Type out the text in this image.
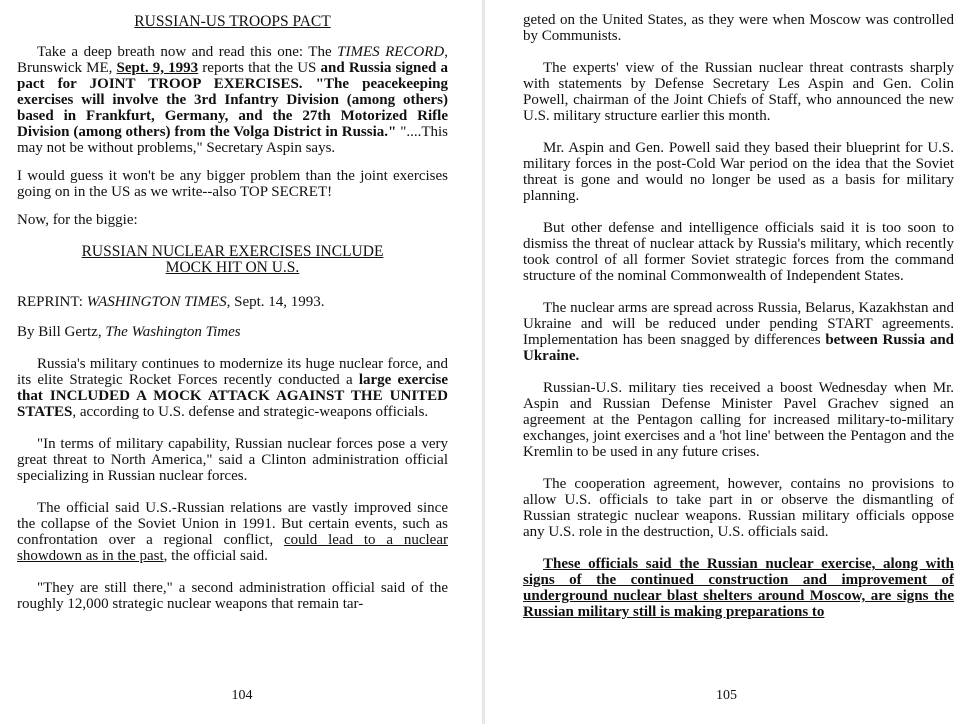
RUSSIAN-US TROOPS PACT

Take a deep breath now and read this one: The TIMES RECORD, Brunswick ME, Sept. 9, 1993 reports that the US and Russia signed a pact for JOINT TROOP EXERCISES. "The peacekeeping exercises will involve the 3rd Infantry Division (among others) based in Frankfurt, Germany, and the 27th Motorized Rifle Division (among others) from the Volga District in Russia." "....This may not be without problems," Secretary Aspin says.

I would guess it won't be any bigger problem than the joint exercises going on in the US as we write--also TOP SECRET!

Now, for the biggie:

RUSSIAN NUCLEAR EXERCISES INCLUDE
MOCK HIT ON U.S.

REPRINT: WASHINGTON TIMES, Sept. 14, 1993.

By Bill Gertz, The Washington Times

Russia's military continues to modernize its huge nuclear force, and its elite Strategic Rocket Forces recently conducted a large exercise that INCLUDED A MOCK ATTACK AGAINST THE UNITED STATES, according to U.S. defense and strategic-weapons officials.

"In terms of military capability, Russian nuclear forces pose a very great threat to North America," said a Clinton administration official specializing in Russian nuclear forces.

The official said U.S.-Russian relations are vastly improved since the collapse of the Soviet Union in 1991. But certain events, such as confrontation over a regional conflict, could lead to a nuclear showdown as in the past, the official said.

"They are still there," a second administration official said of the roughly 12,000 strategic nuclear weapons that remain tar-

104

geted on the United States, as they were when Moscow was controlled by Communists.

The experts' view of the Russian nuclear threat contrasts sharply with statements by Defense Secretary Les Aspin and Gen. Colin Powell, chairman of the Joint Chiefs of Staff, who announced the new U.S. military structure earlier this month.

Mr. Aspin and Gen. Powell said they based their blueprint for U.S. military forces in the post-Cold War period on the idea that the Soviet threat is gone and would no longer be used as a basis for military planning.

But other defense and intelligence officials said it is too soon to dismiss the threat of nuclear attack by Russia's military, which recently took control of all former Soviet strategic forces from the command structure of the nominal Commonwealth of Independent States.

The nuclear arms are spread across Russia, Belarus, Kazakhstan and Ukraine and will be reduced under pending START agreements. Implementation has been snagged by differences between Russia and Ukraine.

Russian-U.S. military ties received a boost Wednesday when Mr. Aspin and Russian Defense Minister Pavel Grachev signed an agreement at the Pentagon calling for increased military-to-military exchanges, joint exercises and a 'hot line' between the Pentagon and the Kremlin to be used in any future crises.

The cooperation agreement, however, contains no provisions to allow U.S. officials to take part in or observe the dismantling of Russian strategic nuclear weapons. Russian military officials oppose any U.S. role in the destruction, U.S. officials said.

These officials said the Russian nuclear exercise, along with signs of the continued construction and improvement of underground nuclear blast shelters around Moscow, are signs the Russian military still is making preparations to

105
